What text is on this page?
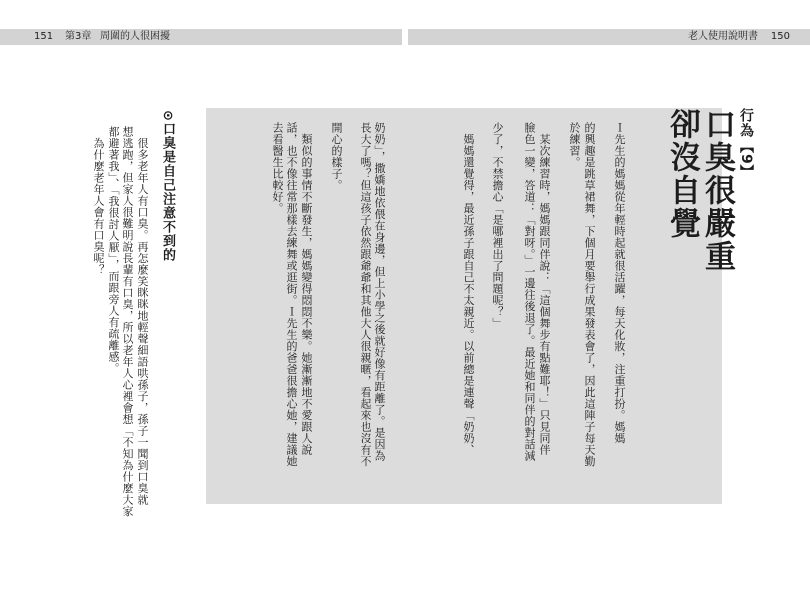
151 第3章 周圍的人很困擾	老人使用說明書 150
行為【9】
口臭很嚴重
卻沒自覺

Ｉ先生的媽媽從年輕時起就很活躍，每天化妝，注重打扮。媽媽

的興趣是跳草裙舞，下個月要舉行成果發表會了，因此這陣子每天勤

於練習。

　某次練習時，媽媽跟同伴說：「這個舞步有點難耶！」只見同伴

臉色一變，答道：「對呀。」一邊往後退了。最近她和同伴的對話減

少了，不禁擔心「是哪裡出了問題呢？」

　媽媽還覺得，最近孫子跟自己不太親近。以前總是連聲「奶奶、

奶奶」，撒嬌地依偎在身邊，但上小學之後就好像有距離了。是因為

長大了嗎？但這孩子依然跟爺爺和其他大人很親暱，看起來也沒有不

開心的樣子。

　類似的事情不斷發生，媽媽變得悶悶不樂。她漸漸地不愛跟人說

話，也不像往常那樣去練舞或逛街。Ｉ先生的爸爸很擔心她，建議她

去看醫生比較好。

⊙口臭是自己注意不到的

　很多老年人有口臭。再怎麼笑眯眯地輕聲細語哄孫子，孫子一聞到口臭就

想逃跑，但家人很難明說長輩有口臭，所以老年人心裡會想「不知為什麼大家

都避著我」、「我很討人厭」，而跟旁人有疏離感。

　為什麼老年人會有口臭呢？
